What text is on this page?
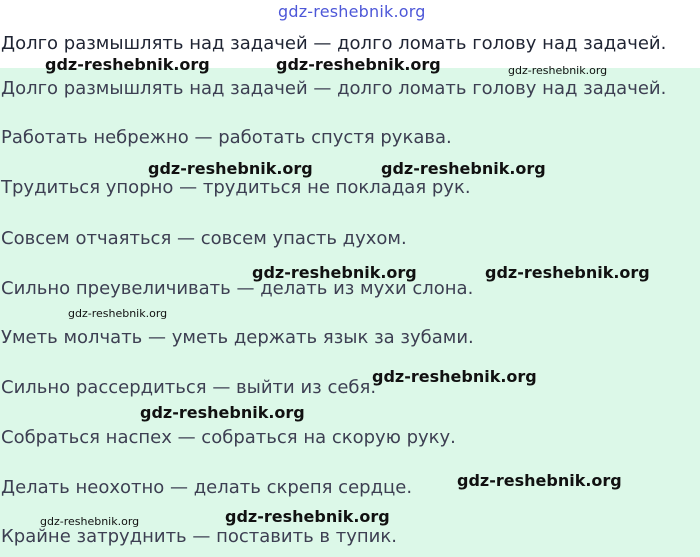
gdz-reshebnik.org
Долго размышлять над задачей — долго ломать голову над задачей.
Долго размышлять над задачей — долго ломать голову над задачей.
Работать небрежно — работать спустя рукава.
Трудиться упорно — трудиться не покладая рук.
Совсем отчаяться — совсем упасть духом.
Сильно преувеличивать — делать из мухи слона.
Уметь молчать — уметь держать язык за зубами.
Сильно рассердиться — выйти из себя.
Собраться наспех — собраться на скорую руку.
Делать неохотно — делать скрепя сердце.
Крайне затруднить — поставить в тупик.
gdz-reshebnik.org	gdz-reshebnik.org	gdz-reshebnik.org
gdz-reshebnik.org	gdz-reshebnik.org
gdz-reshebnik.org	gdz-reshebnik.org
gdz-reshebnik.org
gdz-reshebnik.org
gdz-reshebnik.org
gdz-reshebnik.org
gdz-reshebnik.org	gdz-reshebnik.org
